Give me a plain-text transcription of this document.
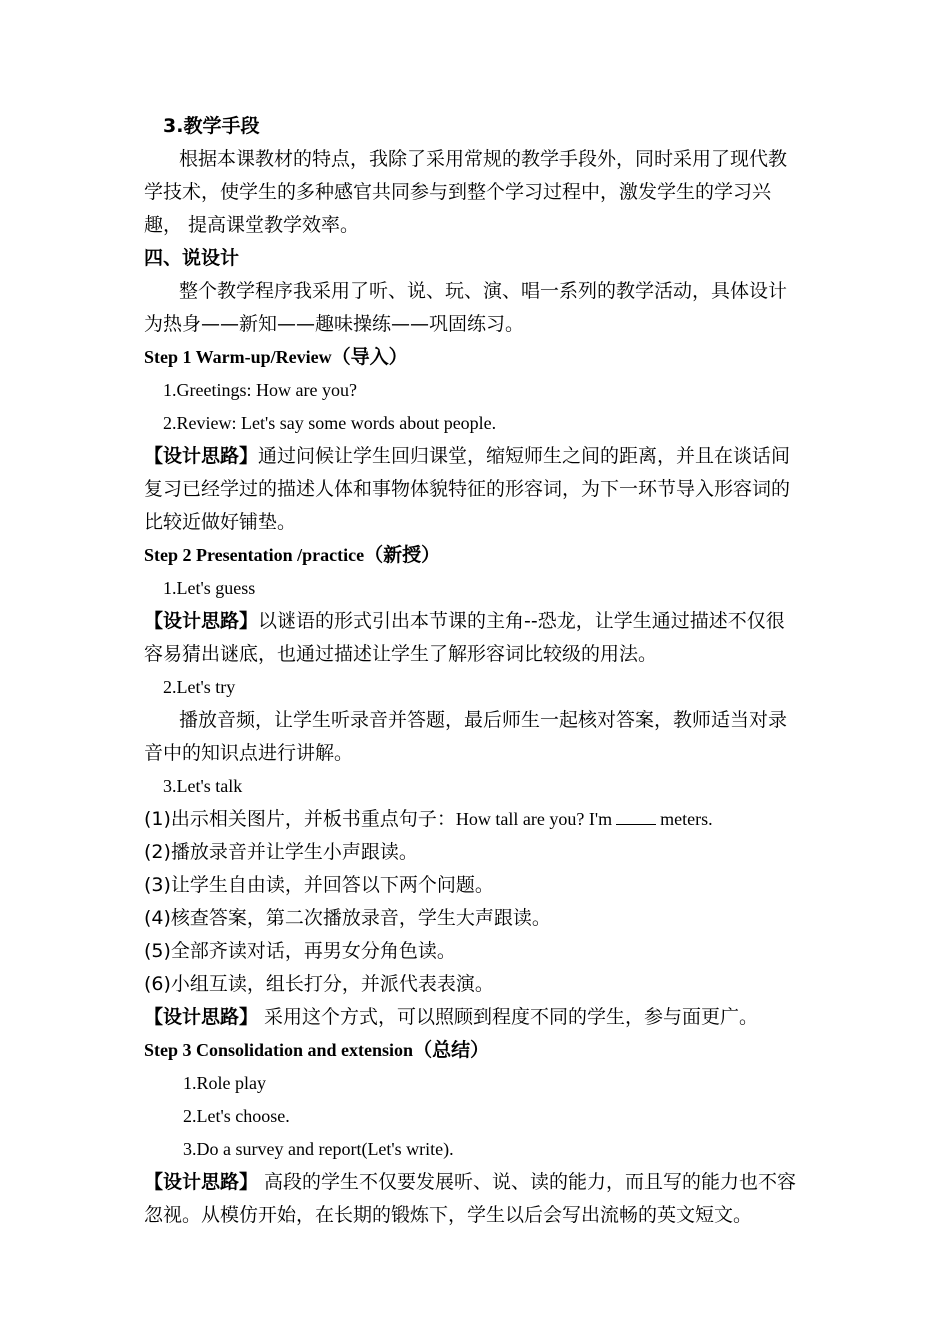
3.教学手段
根据本课教材的特点，我除了采用常规的教学手段外，同时采用了现代教
学技术，使学生的多种感官共同参与到整个学习过程中，激发学生的学习兴
趣， 提高课堂教学效率。
四、说设计
整个教学程序我采用了听、说、玩、演、唱一系列的教学活动，具体设计
为热身——新知——趣味操练——巩固练习。
Step 1 Warm-up/Review（导入）
1.Greetings: How are you?
2.Review: Let's say some words about people.
【设计思路】通过问候让学生回归课堂，缩短师生之间的距离，并且在谈话间
复习已经学过的描述人体和事物体貌特征的形容词，为下一环节导入形容词的
比较近做好铺垫。
Step 2 Presentation /practice（新授）
1.Let's guess
【设计思路】以谜语的形式引出本节课的主角--恐龙，让学生通过描述不仅很
容易猜出谜底，也通过描述让学生了解形容词比较级的用法。
2.Let's try
播放音频，让学生听录音并答题，最后师生一起核对答案，教师适当对录
音中的知识点进行讲解。
3.Let's talk
(1)出示相关图片，并板书重点句子：How tall are you? I'm	meters.
(2)播放录音并让学生小声跟读。
(3)让学生自由读，并回答以下两个问题。
(4)核查答案，第二次播放录音，学生大声跟读。
(5)全部齐读对话，再男女分角色读。
(6)小组互读，组长打分，并派代表表演。
【设计思路】 采用这个方式，可以照顾到程度不同的学生，参与面更广。
Step 3 Consolidation and extension（总结）
1.Role play
2.Let's choose.
3.Do a survey and report(Let's write).
【设计思路】 高段的学生不仅要发展听、说、读的能力，而且写的能力也不容
忽视。从模仿开始，在长期的锻炼下，学生以后会写出流畅的英文短文。
